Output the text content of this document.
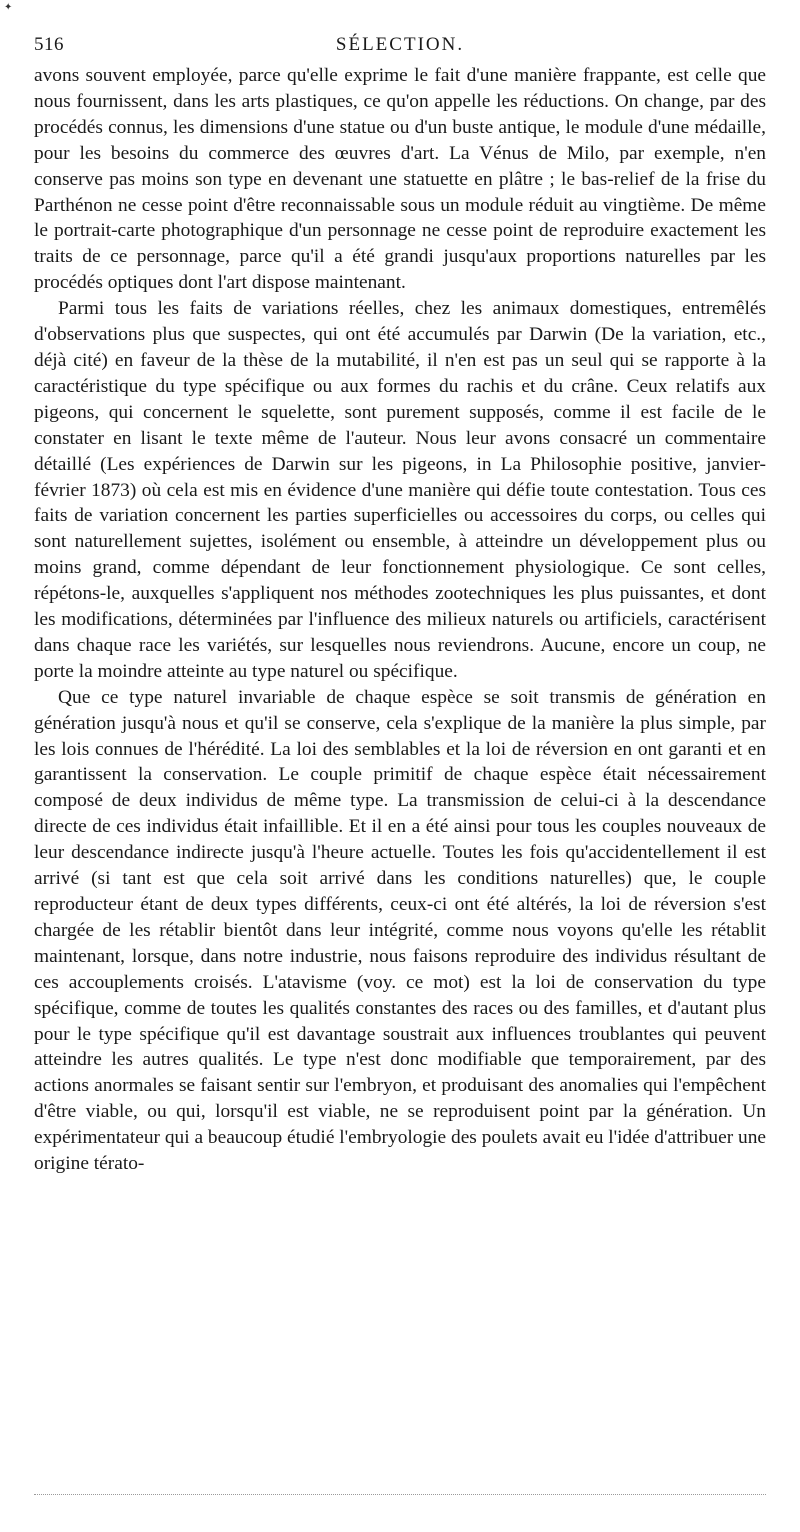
✦
516	SÉLECTION.

avons souvent employée, parce qu'elle exprime le fait d'une manière frappante, est celle que nous fournissent, dans les arts plastiques, ce qu'on appelle les réductions. On change, par des procédés connus, les dimensions d'une statue ou d'un buste antique, le module d'une médaille, pour les besoins du commerce des œuvres d'art. La Vénus de Milo, par exemple, n'en conserve pas moins son type en devenant une statuette en plâtre ; le bas-relief de la frise du Parthénon ne cesse point d'être reconnaissable sous un module réduit au vingtième. De même le portrait-carte photographique d'un personnage ne cesse point de reproduire exactement les traits de ce personnage, parce qu'il a été grandi jusqu'aux proportions naturelles par les procédés optiques dont l'art dispose maintenant.

Parmi tous les faits de variations réelles, chez les animaux domestiques, entremêlés d'observations plus que suspectes, qui ont été accumulés par Darwin (De la variation, etc., déjà cité) en faveur de la thèse de la mutabilité, il n'en est pas un seul qui se rapporte à la caractéristique du type spécifique ou aux formes du rachis et du crâne. Ceux relatifs aux pigeons, qui concernent le squelette, sont purement supposés, comme il est facile de le constater en lisant le texte même de l'auteur. Nous leur avons consacré un commentaire détaillé (Les expériences de Darwin sur les pigeons, in La Philosophie positive, janvier-février 1873) où cela est mis en évidence d'une manière qui défie toute contestation. Tous ces faits de variation concernent les parties superficielles ou accessoires du corps, ou celles qui sont naturellement sujettes, isolément ou ensemble, à atteindre un développement plus ou moins grand, comme dépendant de leur fonctionnement physiologique. Ce sont celles, répétons-le, auxquelles s'appliquent nos méthodes zootechniques les plus puissantes, et dont les modifications, déterminées par l'influence des milieux naturels ou artificiels, caractérisent dans chaque race les variétés, sur lesquelles nous reviendrons. Aucune, encore un coup, ne porte la moindre atteinte au type naturel ou spécifique.

Que ce type naturel invariable de chaque espèce se soit transmis de génération en génération jusqu'à nous et qu'il se conserve, cela s'explique de la manière la plus simple, par les lois connues de l'hérédité. La loi des semblables et la loi de réversion en ont garanti et en garantissent la conservation. Le couple primitif de chaque espèce était nécessairement composé de deux individus de même type. La transmission de celui-ci à la descendance directe de ces individus était infaillible. Et il en a été ainsi pour tous les couples nouveaux de leur descendance indirecte jusqu'à l'heure actuelle. Toutes les fois qu'accidentellement il est arrivé (si tant est que cela soit arrivé dans les conditions naturelles) que, le couple reproducteur étant de deux types différents, ceux-ci ont été altérés, la loi de réversion s'est chargée de les rétablir bientôt dans leur intégrité, comme nous voyons qu'elle les rétablit maintenant, lorsque, dans notre industrie, nous faisons reproduire des individus résultant de ces accouplements croisés. L'atavisme (voy. ce mot) est la loi de conservation du type spécifique, comme de toutes les qualités constantes des races ou des familles, et d'autant plus pour le type spécifique qu'il est davantage soustrait aux influences troublantes qui peuvent atteindre les autres qualités. Le type n'est donc modifiable que temporairement, par des actions anormales se faisant sentir sur l'embryon, et produisant des anomalies qui l'empêchent d'être viable, ou qui, lorsqu'il est viable, ne se reproduisent point par la génération. Un expérimentateur qui a beaucoup étudié l'embryologie des poulets avait eu l'idée d'attribuer une origine térato-
